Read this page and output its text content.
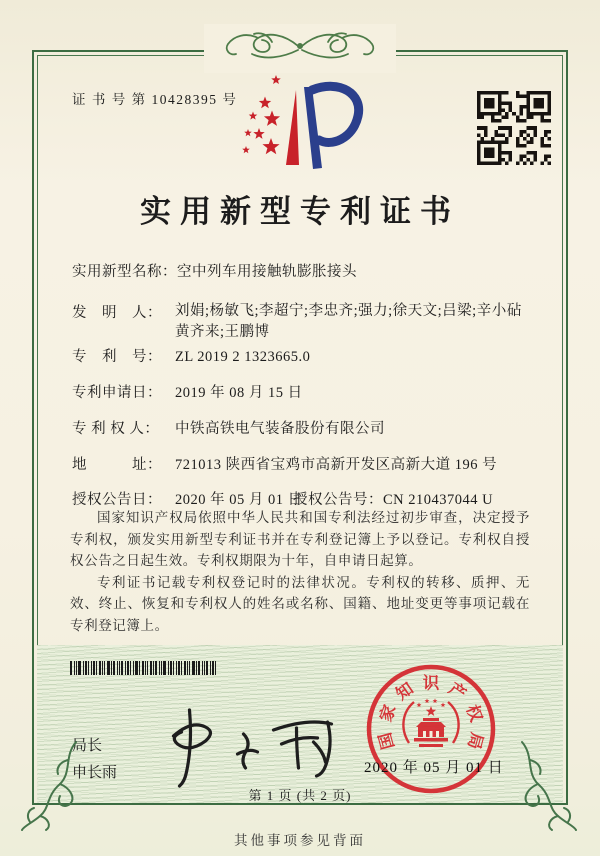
证 书 号 第 10428395 号
实用新型专利证书
实用新型名称：空中列车用接触轨膨胀接头
发　明　人： 刘娟;杨敏飞;李超宁;李忠齐;强力;徐天文;吕梁;辛小砧
黄齐来;王鹏博
专　利　号： ZL 2019 2 1323665.0
专利申请日： 2019 年 08 月 15 日
专 利 权 人： 中铁高铁电气装备股份有限公司
地　　　址： 721013 陕西省宝鸡市高新开发区高新大道 196 号
授权公告日： 2020 年 05 月 01 日
授权公告号：CN 210437044 U

国家知识产权局依照中华人民共和国专利法经过初步审查，决定授予专利权，颁发实用新型专利证书并在专利登记簿上予以登记。专利权自授权公告之日起生效。专利权期限为十年，自申请日起算。

专利证书记载专利权登记时的法律状况。专利权的转移、质押、无效、终止、恢复和专利权人的姓名或名称、国籍、地址变更等事项记载在专利登记簿上。

局长
申长雨
国
家
知 识 产
权
局
2020 年 05 月 01 日
第 1 页 (共 2 页)
其他事项参见背面
